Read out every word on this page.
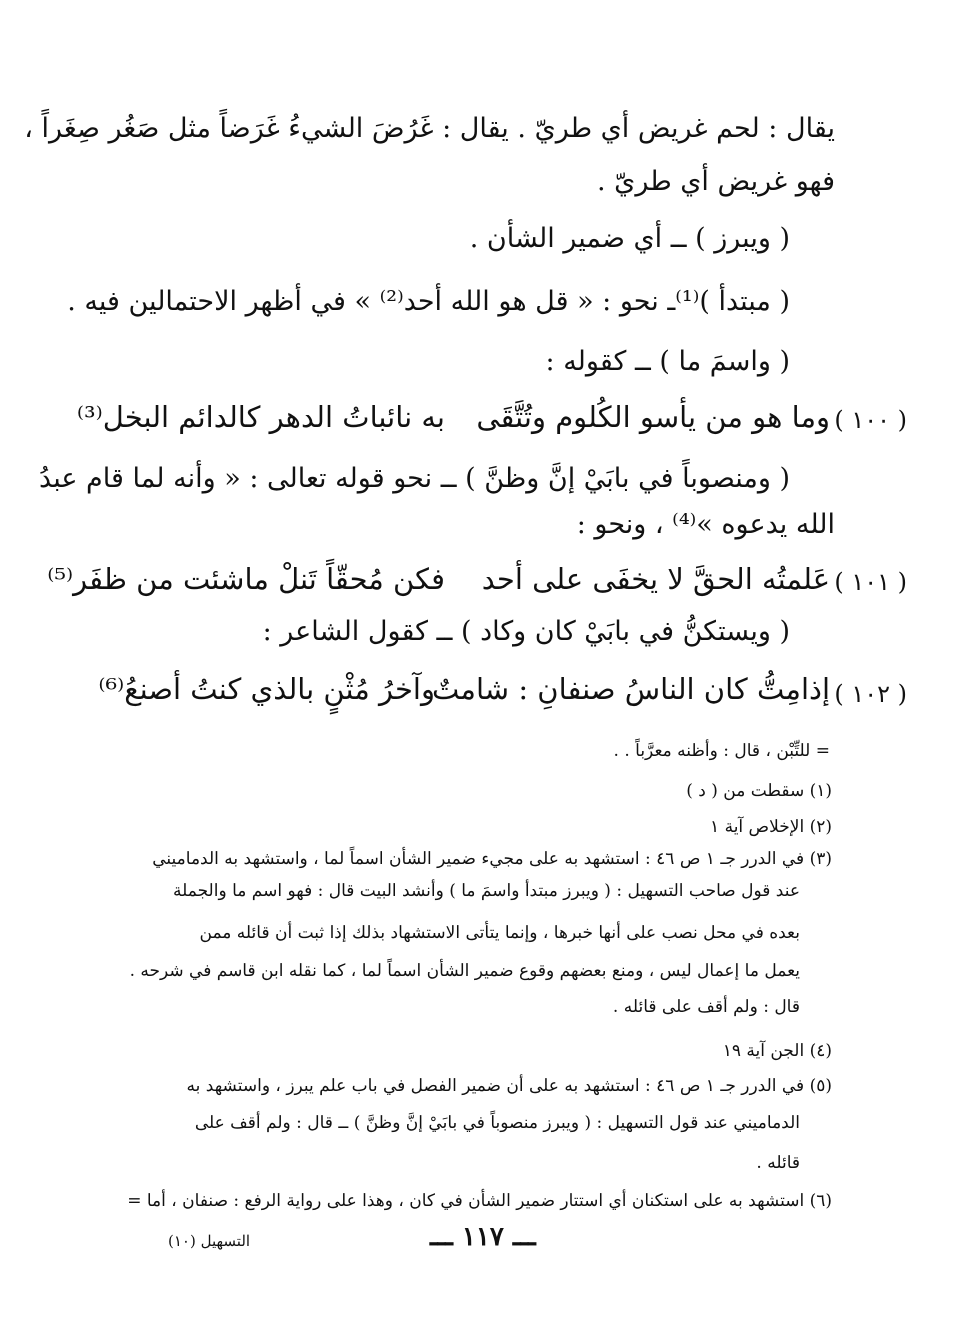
يقال : لحم غريض أي طريّ . يقال : غَرُضَ الشيءُ غَرَضاً مثل صَغُر صِغَراً ،
فهو غريض أي طريّ .
( ويبرز ) ــ أي ضمير الشأن .
( مبتدأ )⁽¹⁾ـ نحو : « قل هو الله أحد⁽²⁾ » في أظهر الاحتمالين فيه .
( واسمَ ما ) ــ كقوله :
( ١٠٠ )
وما هو من يأسو الكُلوم وتُتَّقَى
به نائباتُ الدهر كالدائم البخل⁽³⁾
( ومنصوباً في بابَيْ إنَّ وظنَّ ) ــ نحو قوله تعالى : « وأنه لما قام عبدُ
الله يدعوه »⁽⁴⁾ ، ونحو :
( ١٠١ )
عَلمتُه الحقَّ لا يخفَى على أحد
فكن مُحقّاً تَنلْ ماشئت من ظفَر⁽⁵⁾
( ويستكنُّ في بابَيْ كان وكاد ) ــ كقول الشاعر :
( ١٠٢ )
إذامِتُّ كان الناسُ صنفانِ : شامتٌ
وآخرُ مُثْنٍ بالذي كنتُ أصنعُ⁽⁶⁾
= للتِّبْن ، قال : وأظنه معرَّباً . .
(١) سقطت من ( د )
(٢) الإخلاص آية ١
(٣) في الدرر جـ ١ ص ٤٦ : استشهد به على مجيء ضمير الشأن اسماً لما ، واستشهد به الدماميني
عند قول صاحب التسهيل : ( ويبرز مبتدأ واسمَ ما ) وأنشد البيت قال : فهو اسم ما والجملة
بعده في محل نصب على أنها خبرها ، وإنما يتأتى الاستشهاد بذلك إذا ثبت أن قائله ممن
يعمل ما إعمال ليس ، ومنع بعضهم وقوع ضمير الشأن اسماً لما ، كما نقله ابن قاسم في شرحه .
قال : ولم أقف على قائله .
(٤) الجن آية ١٩
(٥) في الدرر جـ ١ ص ٤٦ : استشهد به على أن ضمير الفصل في باب علم يبرز ، واستشهد به
الدماميني عند قول التسهيل : ( ويبرز منصوباً في بابَيْ إنَّ وظنَّ ) ــ قال : ولم أقف على
قائله .
(٦) استشهد به على استكنان أي استتار ضمير الشأن في كان ، وهذا على رواية الرفع : صنفان ، أما =
ـــ ١١٧ ـــ
التسهيل (١٠)
